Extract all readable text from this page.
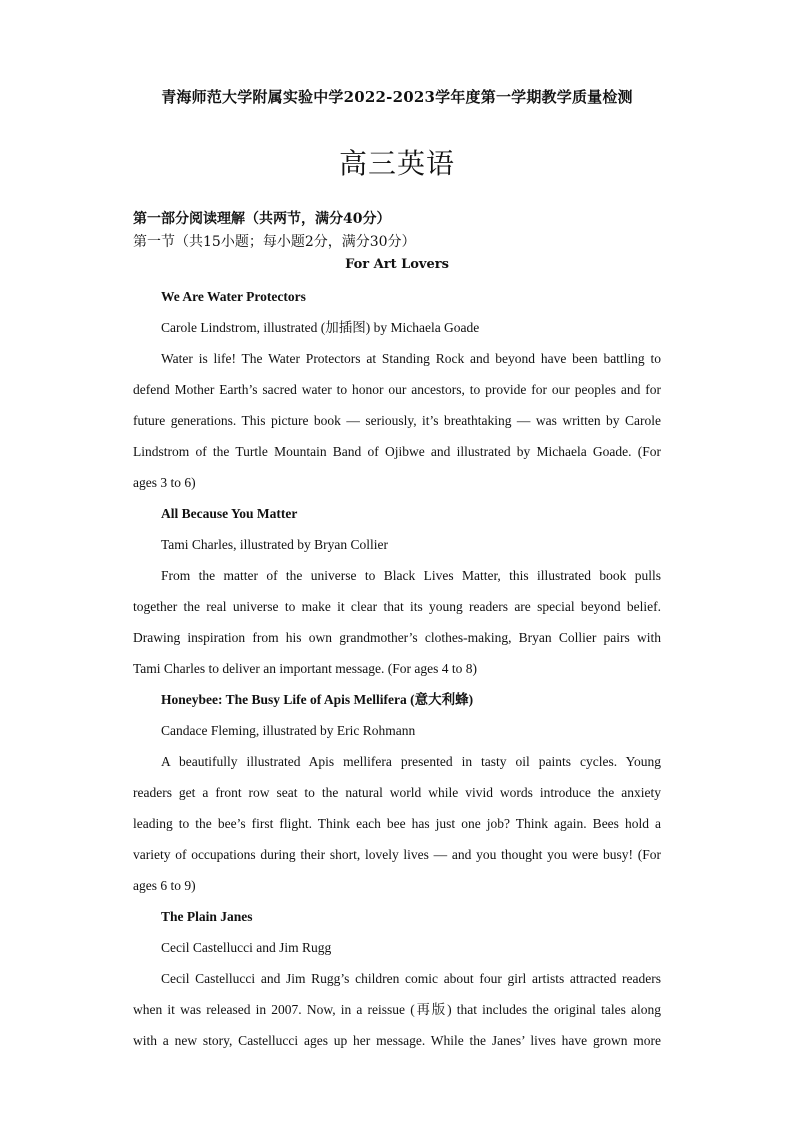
青海师范大学附属实验中学2022-2023学年度第一学期教学质量检测
高三英语
第一部分阅读理解（共两节，满分40分）
第一节（共15小题；每小题2分，满分30分）
For Art Lovers
We Are Water Protectors
Carole Lindstrom, illustrated (加插图) by Michaela Goade
Water is life! The Water Protectors at Standing Rock and beyond have been battling to
defend Mother Earth’s sacred water to honor our ancestors, to provide for our peoples and for
future generations. This picture book — seriously, it’s breathtaking — was written by Carole
Lindstrom of the Turtle Mountain Band of Ojibwe and illustrated by Michaela Goade. (For
ages 3 to 6)
All Because You Matter
Tami Charles, illustrated by Bryan Collier
From the matter of the universe to Black Lives Matter, this illustrated book pulls
together the real universe to make it clear that its young readers are special beyond belief.
Drawing inspiration from his own grandmother’s clothes-making, Bryan Collier pairs with
Tami Charles to deliver an important message. (For ages 4 to 8)
Honeybee: The Busy Life of Apis Mellifera (意大利蜂)
Candace Fleming, illustrated by Eric Rohmann
A beautifully illustrated Apis mellifera presented in tasty oil paints cycles. Young
readers get a front row seat to the natural world while vivid words introduce the anxiety
leading to the bee’s first flight. Think each bee has just one job? Think again. Bees hold a
variety of occupations during their short, lovely lives — and you thought you were busy! (For
ages 6 to 9)
The Plain Janes
Cecil Castellucci and Jim Rugg
Cecil Castellucci and Jim Rugg’s children comic about four girl artists attracted readers
when it was released in 2007. Now, in a reissue (再版) that includes the original tales along
with a new story, Castellucci ages up her message. While the Janes’ lives have grown more
